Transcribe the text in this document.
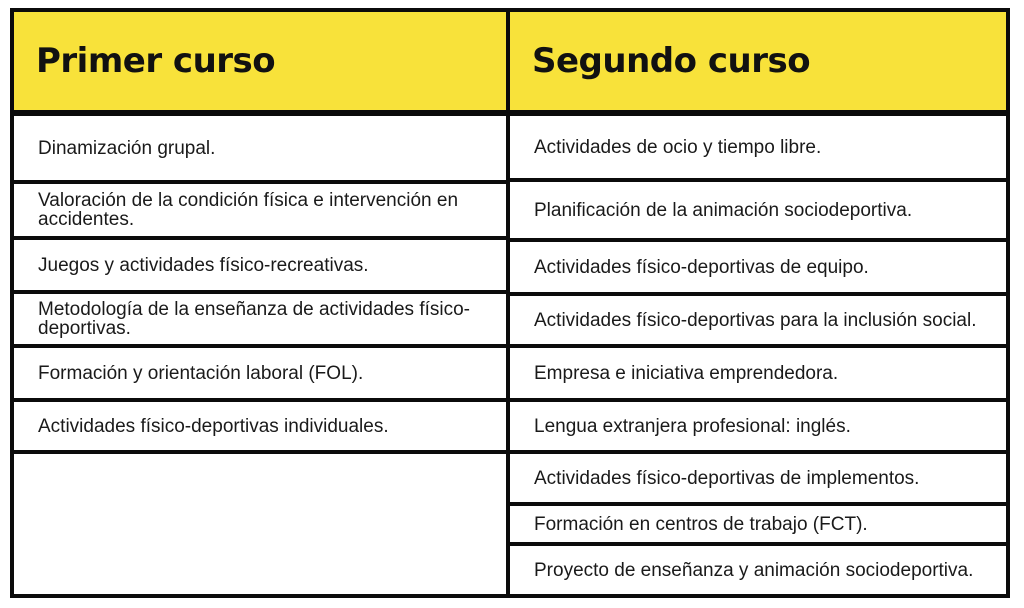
Primer curso
Dinamización grupal.
Valoración de la condición física e intervención en accidentes.
Juegos y actividades físico-recreativas.
Metodología de la enseñanza de actividades físico-deportivas.
Formación y orientación laboral (FOL).
Actividades físico-deportivas individuales.
Segundo curso
Actividades de ocio y tiempo libre.
Planificación de la animación sociodeportiva.
Actividades físico-deportivas de equipo.
Actividades físico-deportivas para la inclusión social.
Empresa e iniciativa emprendedora.
Lengua extranjera profesional: inglés.
Actividades físico-deportivas de implementos.
Formación en centros de trabajo (FCT).
Proyecto de enseñanza y animación sociodeportiva.
